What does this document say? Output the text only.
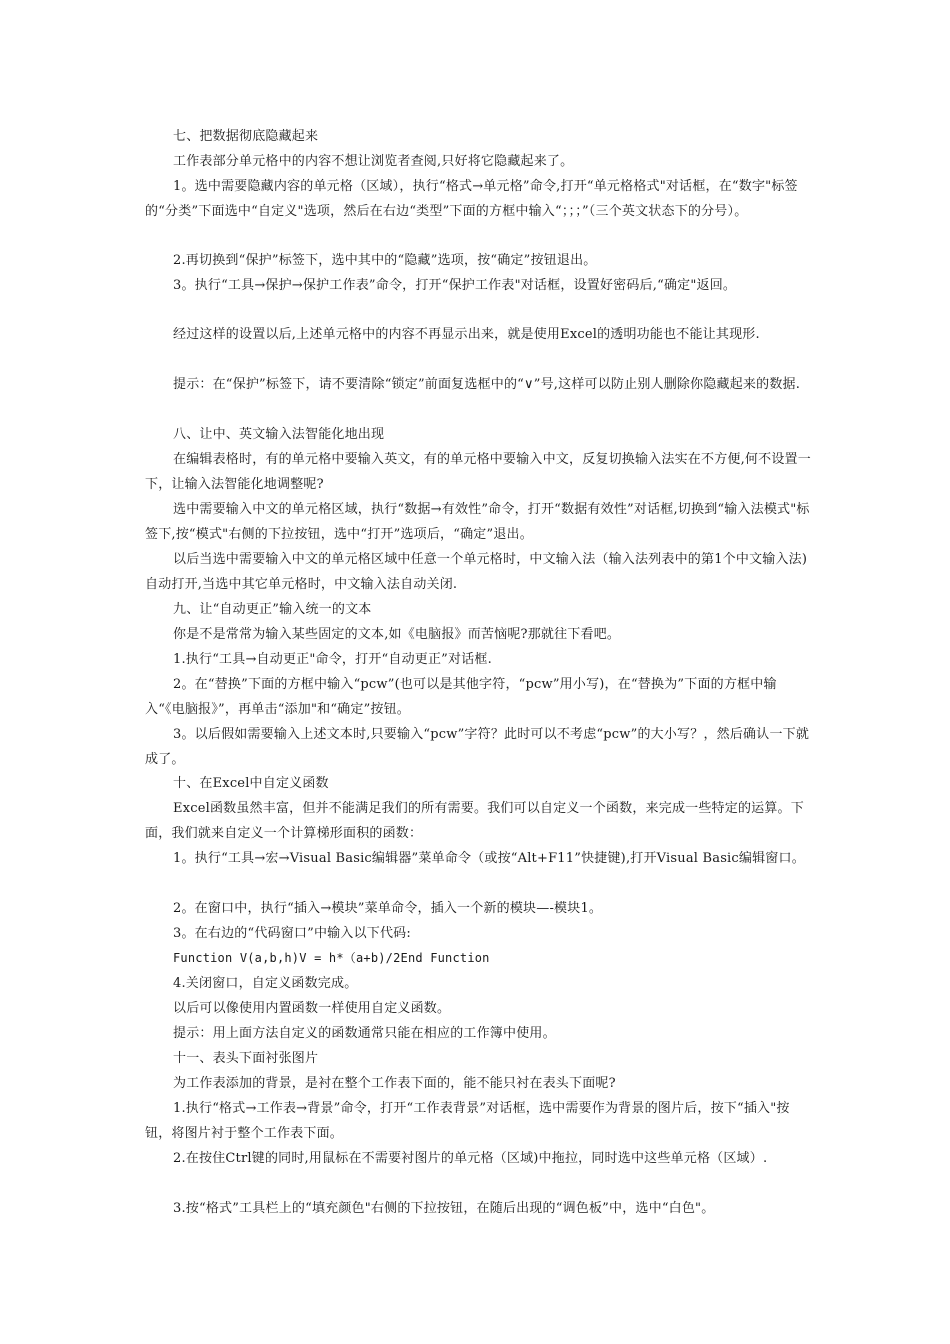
七、把数据彻底隐藏起来

工作表部分单元格中的内容不想让浏览者查阅,只好将它隐藏起来了。

1。选中需要隐藏内容的单元格（区域），执行“格式→单元格”命令,打开“单元格格式"对话框，在“数字"标签的“分类”下面选中“自定义"选项，然后在右边“类型”下面的方框中输入“；；；”（三个英文状态下的分号）。

2.再切换到“保护”标签下，选中其中的“隐藏”选项，按“确定”按钮退出。

3。执行“工具→保护→保护工作表”命令，打开“保护工作表"对话框，设置好密码后,“确定"返回。

经过这样的设置以后,上述单元格中的内容不再显示出来，就是使用Excel的透明功能也不能让其现形.

提示：在“保护”标签下，请不要清除“锁定”前面复选框中的“∨”号,这样可以防止别人删除你隐藏起来的数据.

八、让中、英文输入法智能化地出现

在编辑表格时，有的单元格中要输入英文，有的单元格中要输入中文，反复切换输入法实在不方便,何不设置一下，让输入法智能化地调整呢?

选中需要输入中文的单元格区域，执行“数据→有效性”命令，打开“数据有效性”对话框,切换到“输入法模式"标签下,按“模式"右侧的下拉按钮，选中“打开”选项后，“确定”退出。

以后当选中需要输入中文的单元格区域中任意一个单元格时，中文输入法（输入法列表中的第1个中文输入法)自动打开,当选中其它单元格时，中文输入法自动关闭.

九、让“自动更正”输入统一的文本

你是不是常常为输入某些固定的文本,如《电脑报》而苦恼呢?那就往下看吧。

1.执行“工具→自动更正"命令，打开“自动更正”对话框.

2。在“替换”下面的方框中输入“pcw”(也可以是其他字符，“pcw”用小写)，在“替换为”下面的方框中输入“《电脑报》”，再单击“添加"和“确定”按钮。

3。以后假如需要输入上述文本时,只要输入“pcw”字符？此时可以不考虑“pcw”的大小写？，然后确认一下就成了。

十、在Excel中自定义函数

Excel函数虽然丰富，但并不能满足我们的所有需要。我们可以自定义一个函数，来完成一些特定的运算。下面，我们就来自定义一个计算梯形面积的函数：

1。执行“工具→宏→Visual Basic编辑器”菜单命令（或按“Alt+F11”快捷键),打开Visual Basic编辑窗口。

2。在窗口中，执行“插入→模块”菜单命令，插入一个新的模块—-模块1。

3。在右边的“代码窗口”中输入以下代码:

Function V(a,b,h)V = h*（a+b)/2End Function

4.关闭窗口，自定义函数完成。

以后可以像使用内置函数一样使用自定义函数。

提示：用上面方法自定义的函数通常只能在相应的工作簿中使用。

十一、表头下面衬张图片

为工作表添加的背景，是衬在整个工作表下面的，能不能只衬在表头下面呢?

1.执行“格式→工作表→背景”命令，打开“工作表背景”对话框，选中需要作为背景的图片后，按下“插入"按钮，将图片衬于整个工作表下面。

2.在按住Ctrl键的同时,用鼠标在不需要衬图片的单元格（区域)中拖拉，同时选中这些单元格（区域）.

3.按“格式”工具栏上的“填充颜色"右侧的下拉按钮，在随后出现的“调色板”中，选中“白色"。
